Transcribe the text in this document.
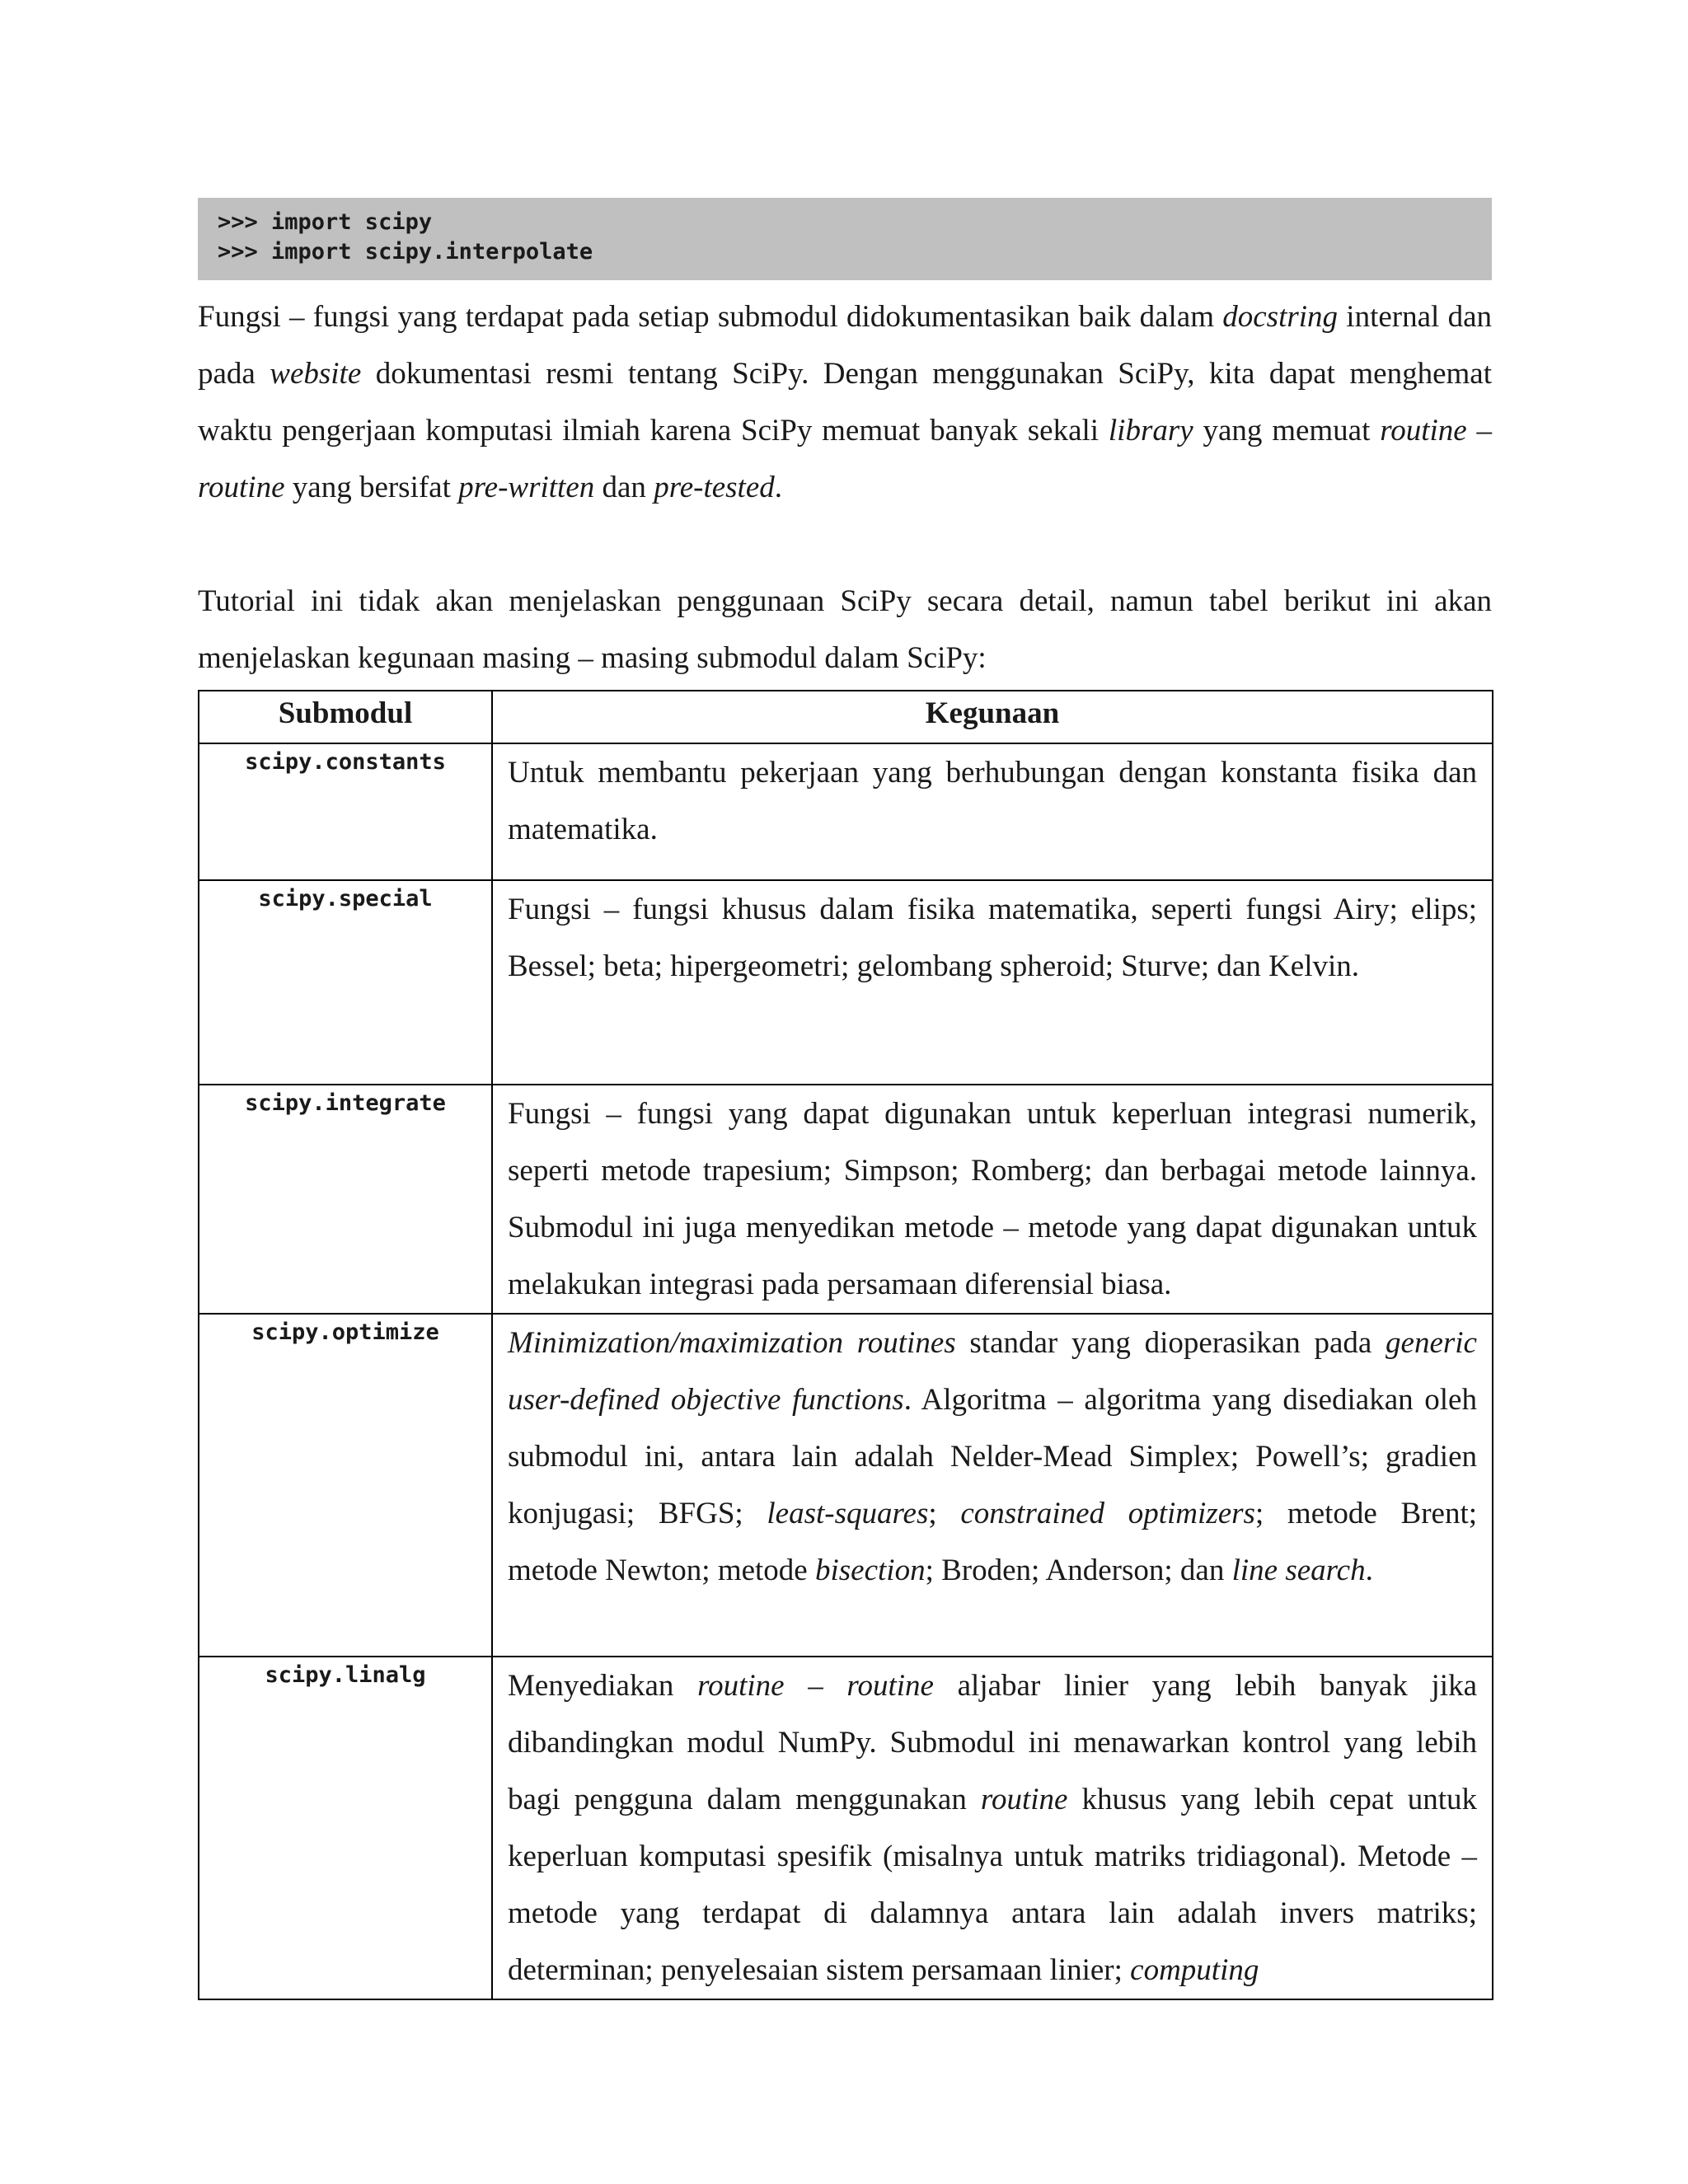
>>> import scipy
>>> import scipy.interpolate

Fungsi – fungsi yang terdapat pada setiap submodul didokumentasikan baik dalam docstring internal dan pada website dokumentasi resmi tentang SciPy. Dengan menggunakan SciPy, kita dapat menghemat waktu pengerjaan komputasi ilmiah karena SciPy memuat banyak sekali library yang memuat routine – routine yang bersifat pre-written dan pre-tested.

Tutorial ini tidak akan menjelaskan penggunaan SciPy secara detail, namun tabel berikut ini akan menjelaskan kegunaan masing – masing submodul dalam SciPy:

Submodul	Kegunaan
scipy.constants	Untuk membantu pekerjaan yang berhubungan dengan konstanta fisika dan matematika.
scipy.special	Fungsi – fungsi khusus dalam fisika matematika, seperti fungsi Airy; elips; Bessel; beta; hipergeometri; gelombang spheroid; Sturve; dan Kelvin.
scipy.integrate	Fungsi – fungsi yang dapat digunakan untuk keperluan integrasi numerik, seperti metode trapesium; Simpson; Romberg; dan berbagai metode lainnya. Submodul ini juga menyedikan metode – metode yang dapat digunakan untuk melakukan integrasi pada persamaan diferensial biasa.
scipy.optimize	Minimization/maximization routines standar yang dioperasikan pada generic user-defined objective functions. Algoritma – algoritma yang disediakan oleh submodul ini, antara lain adalah Nelder-Mead Simplex; Powell’s; gradien konjugasi; BFGS; least-squares; constrained optimizers; metode Brent; metode Newton; metode bisection; Broden; Anderson; dan line search.
scipy.linalg	Menyediakan routine – routine aljabar linier yang lebih banyak jika dibandingkan modul NumPy. Submodul ini menawarkan kontrol yang lebih bagi pengguna dalam menggunakan routine khusus yang lebih cepat untuk keperluan komputasi spesifik (misalnya untuk matriks tridiagonal). Metode – metode yang terdapat di dalamnya antara lain adalah invers matriks; determinan; penyelesaian sistem persamaan linier; computing
